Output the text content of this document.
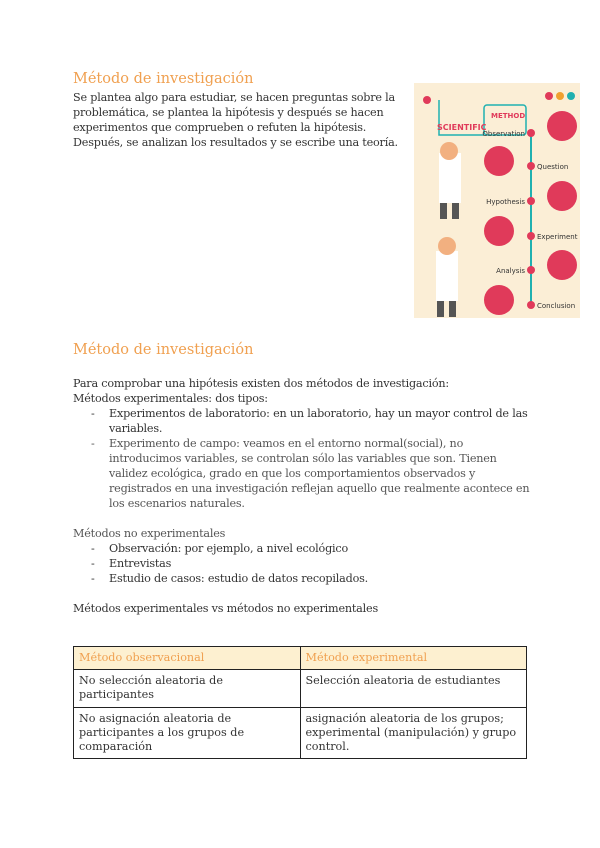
Método de investigación
Se plantea algo para estudiar, se hacen preguntas sobre la problemática, se plantea la hipótesis y después se hacen experimentos que comprueben o refuten la hipótesis. Después, se analizan los resultados y se escribe una teoría.
SCIENTIFIC
METHOD
Observation
Question
Hypothesis
Experiment
Analysis
Conclusion
Método de investigación
Para comprobar una hipótesis existen dos métodos de investigación:
Métodos experimentales: dos tipos:
- Experimentos de laboratorio: en un laboratorio, hay un mayor control de las variables.
- Experimento de campo: veamos en el entorno normal(social), no introducimos variables, se controlan sólo las variables que son. Tienen validez ecológica, grado en que los comportamientos observados y registrados en una investigación reflejan aquello que realmente acontece en los escenarios naturales.
Métodos no experimentales
- Observación: por ejemplo, a nivel ecológico
- Entrevistas
- Estudio de casos: estudio de datos recopilados.
Métodos experimentales vs métodos no experimentales
Método observacional	Método experimental
No selección aleatoria de participantes	Selección aleatoria de estudiantes
No asignación aleatoria de participantes a los grupos de comparación	asignación aleatoria de los grupos; experimental (manipulación) y grupo control.
